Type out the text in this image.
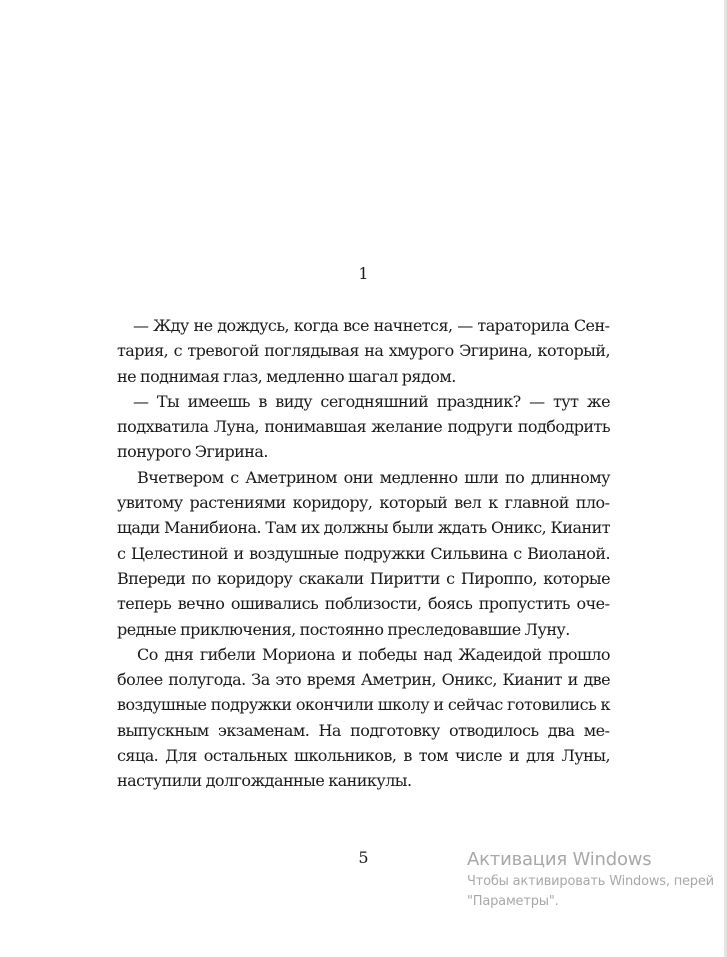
1

— Жду не дождусь, когда все начнется, — тараторила Сентария, с тревогой поглядывая на хмурого Эгирина, который, не поднимая глаз, медленно шагал рядом.

— Ты имеешь в виду сегодняшний праздник? — тут же подхватила Луна, понимавшая желание подруги подбодрить понурого Эгирина.

Вчетвером с Аметрином они медленно шли по длинному увитому растениями коридору, который вел к главной площади Манибиона. Там их должны были ждать Оникс, Кианит с Целестиной и воздушные подружки Сильвина с Виоланой. Впереди по коридору скакали Пиритти с Пироппо, которые теперь вечно ошивались поблизости, боясь пропустить очередные приключения, постоянно преследовавшие Луну.

Со дня гибели Мориона и победы над Жадеидой прошло более полугода. За это время Аметрин, Оникс, Кианит и две воздушные подружки окончили школу и сейчас готовились к выпускным экзаменам. На подготовку отводилось два месяца. Для остальных школьников, в том числе и для Луны, наступили долгожданные каникулы.

5	Активация Windows
Чтобы активировать Windows, перей
"Параметры".
